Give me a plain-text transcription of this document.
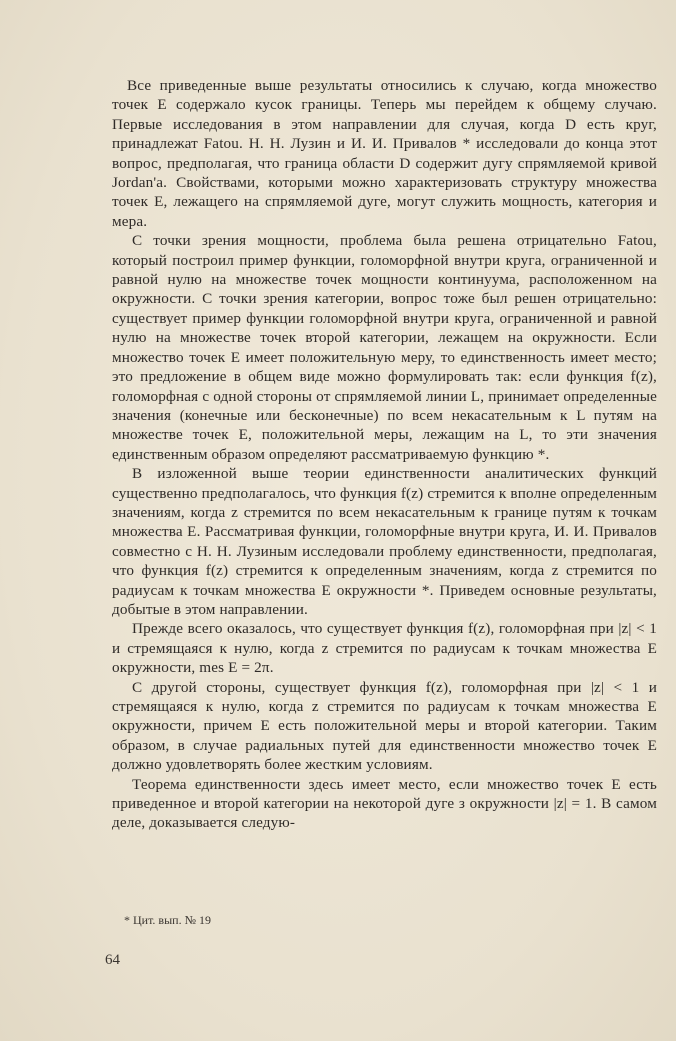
Все приведенные выше результаты относились к случаю, когда множество точек E содержало кусок границы. Теперь мы перейдем к общему случаю. Первые исследования в этом направлении для случая, когда D есть круг, принадлежат Fatou. Н. Н. Лузин и И. И. Привалов * исследовали до конца этот вопрос, предполагая, что граница области D содержит дугу спрямляемой кривой Jordan'а. Свойствами, которыми можно характеризовать структуру множества точек E, лежащего на спрямляемой дуге, могут служить мощность, категория и мера.

С точки зрения мощности, проблема была решена отрицательно Fatou, который построил пример функции, голоморфной внутри круга, ограниченной и равной нулю на множестве точек мощности континуума, расположенном на окружности. С точки зрения категории, вопрос тоже был решен отрицательно: существует пример функции голоморфной внутри круга, ограниченной и равной нулю на множестве точек второй категории, лежащем на окружности. Если множество точек E имеет положительную меру, то единственность имеет место; это предложение в общем виде можно формулировать так: если функция f(z), голоморфная с одной стороны от спрямляемой линии L, принимает определенные значения (конечные или бесконечные) по всем некасательным к L путям на множестве точек E, положительной меры, лежащим на L, то эти значения единственным образом определяют рассматриваемую функцию *.

В изложенной выше теории единственности аналитических функций существенно предполагалось, что функция f(z) стремится к вполне определенным значениям, когда z стремится по всем некасательным к границе путям к точкам множества E. Рассматривая функции, голоморфные внутри круга, И. И. Привалов совместно с Н. Н. Лузиным исследовали проблему единственности, предполагая, что функция f(z) стремится к определенным значениям, когда z стремится по радиусам к точкам множества E окружности *. Приведем основные результаты, добытые в этом направлении.

Прежде всего оказалось, что существует функция f(z), голоморфная при |z| < 1 и стремящаяся к нулю, когда z стремится по радиусам к точкам множества E окружности, mes E = 2π.

С другой стороны, существует функция f(z), голоморфная при |z| < 1 и стремящаяся к нулю, когда z стремится по радиусам к точкам множества E окружности, причем E есть положительной меры и второй категории. Таким образом, в случае радиальных путей для единственности множество точек E должно удовлетворять более жестким условиям.

Теорема единственности здесь имеет место, если множество точек E есть приведенное и второй категории на некоторой дуге з окружности |z| = 1. В самом деле, доказывается следую-

* Цит. вып. № 19
64
